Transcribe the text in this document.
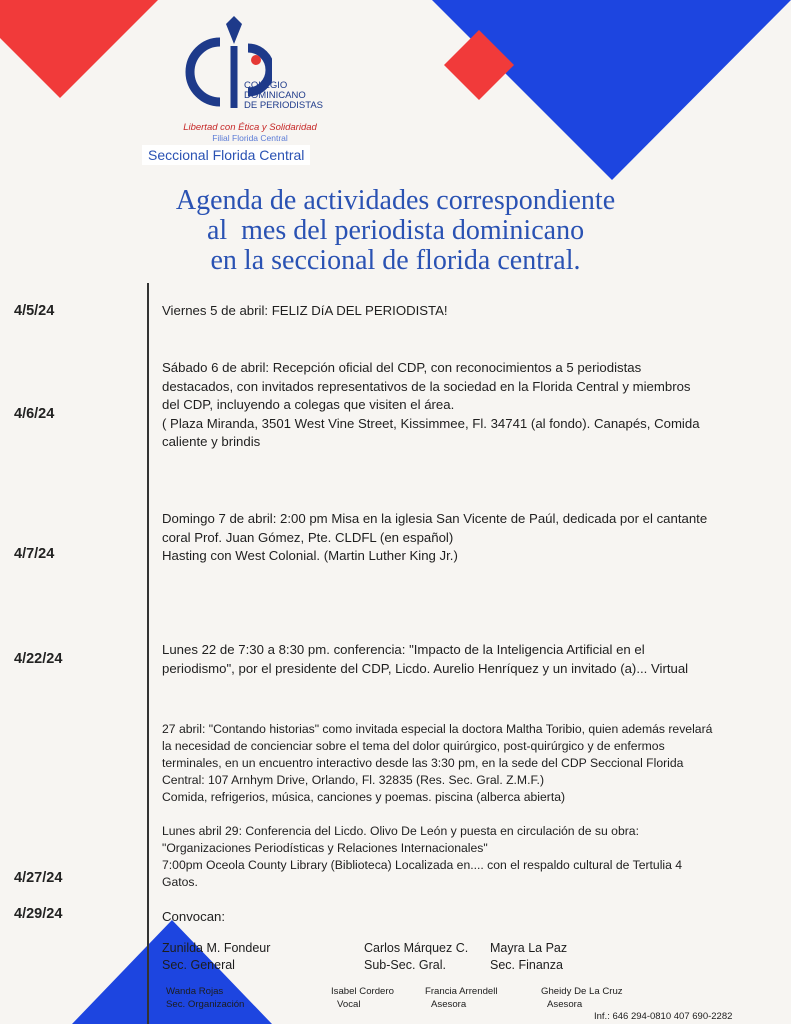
COLEGIO
DOMINICANO
DE PERIODISTAS
Libertad con Ética y Solidaridad
Filial Florida Central
Seccional Florida Central
Agenda de actividades correspondiente
al  mes del periodista dominicano
en la seccional de florida central.
4/5/24
4/6/24
4/7/24
4/22/24
4/27/24
4/29/24
Viernes 5 de abril: FELIZ DíA DEL PERIODISTA!
Sábado 6 de abril: Recepción oficial del CDP, con reconocimientos a 5 periodistas
destacados, con invitados representativos de la sociedad en la Florida Central y miembros
del CDP, incluyendo a colegas que visiten el área.
( Plaza Miranda, 3501 West Vine Street, Kissimmee, Fl. 34741 (al fondo). Canapés, Comida
caliente y brindis
Domingo 7 de abril: 2:00 pm Misa en la iglesia San Vicente de Paúl, dedicada por el cantante
coral Prof. Juan Gómez, Pte. CLDFL (en español)
Hasting con West Colonial. (Martin Luther King Jr.)
Lunes 22 de 7:30 a 8:30 pm. conferencia: "Impacto de la Inteligencia Artificial en el
periodismo", por el presidente del CDP, Licdo. Aurelio Henríquez y un invitado (a)... Virtual
27 abril: "Contando historias" como invitada especial la doctora Maltha Toribio, quien además revelará
la necesidad de concienciar sobre el tema del dolor quirúrgico, post-quirúrgico y de enfermos
terminales, en un encuentro interactivo desde las 3:30 pm, en la sede del CDP Seccional Florida
Central: 107 Arnhym Drive, Orlando, Fl. 32835 (Res. Sec. Gral. Z.M.F.)
Comida, refrigerios, música, canciones y poemas. piscina (alberca abierta)
Lunes abril 29: Conferencia del Licdo. Olivo De León y puesta en circulación de su obra:
"Organizaciones Periodísticas y Relaciones Internacionales"
7:00pm Oceola County Library (Biblioteca) Localizada en.... con el respaldo cultural de Tertulia 4
Gatos.
Convocan:
Zunilda M. Fondeur
Sec. General
Carlos Márquez C.
Sub-Sec. Gral.
Mayra La Paz
Sec. Finanza
Wanda Rojas
Sec. Organización
Isabel Cordero
Vocal
Francia Arrendell
Asesora
Gheidy De La Cruz
Asesora
Inf.: 646 294-0810 407 690-2282
